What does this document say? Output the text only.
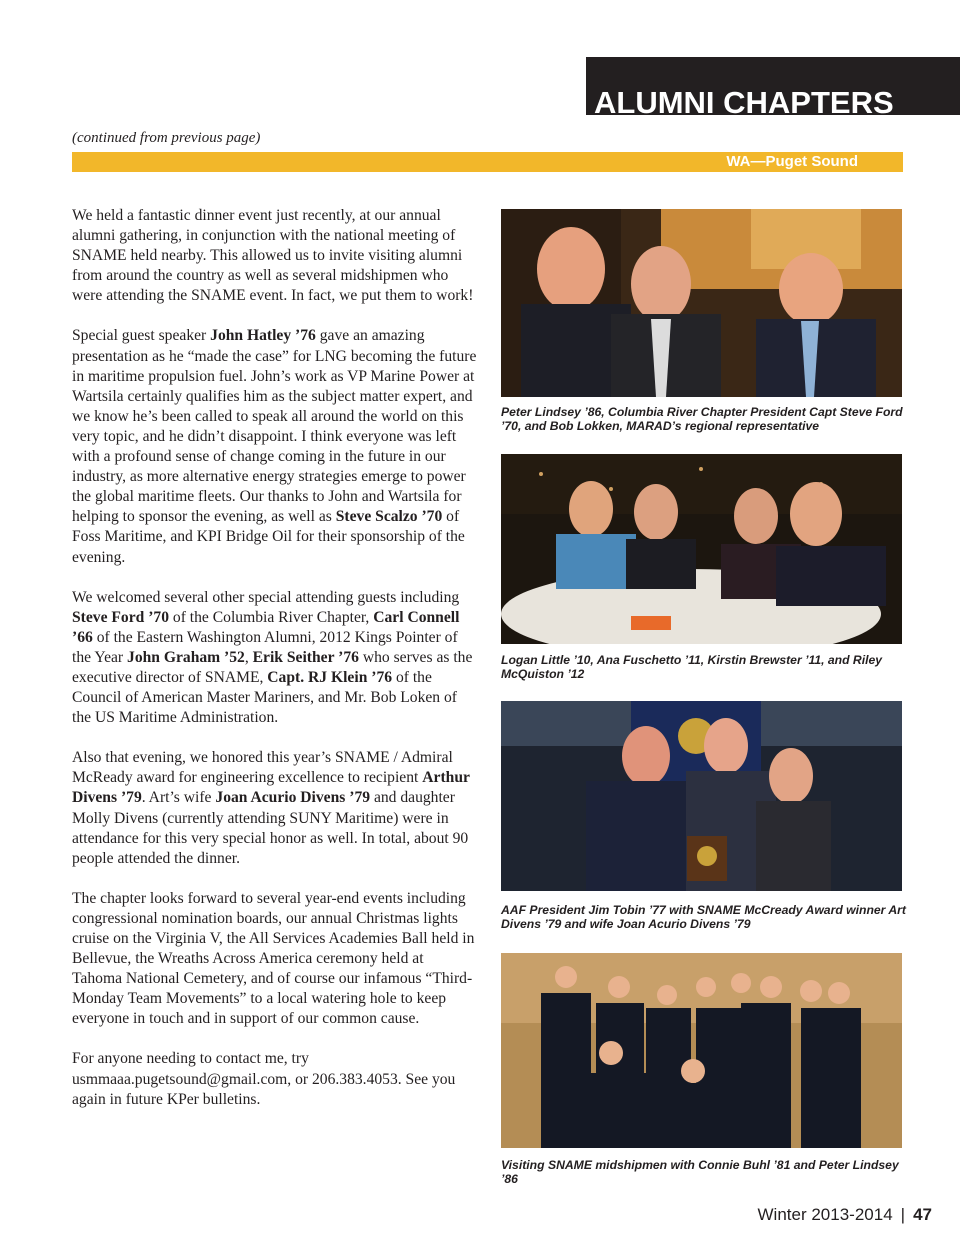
ALUMNI CHAPTERS
(continued from previous page)
WA—Puget Sound

We held a fantastic dinner event just recently, at our annual alumni gathering, in conjunction with the national meeting of SNAME held nearby. This allowed us to invite visiting alumni from around the country as well as several midshipmen who were attending the SNAME event. In fact, we put them to work!

Special guest speaker John Hatley ’76 gave an amazing presentation as he “made the case” for LNG becoming the future in maritime propulsion fuel. John’s work as VP Marine Power at Wartsila certainly qualifies him as the subject matter expert, and we know he’s been called to speak all around the world on this very topic, and he didn’t disappoint. I think everyone was left with a profound sense of change coming in the future in our industry, as more alternative energy strategies emerge to power the global maritime fleets. Our thanks to John and Wartsila for helping to sponsor the evening, as well as Steve Scalzo ’70 of Foss Maritime, and KPI Bridge Oil for their sponsorship of the evening.

We welcomed several other special attending guests including Steve Ford ’70 of the Columbia River Chapter, Carl Connell ’66 of the Eastern Washington Alumni, 2012 Kings Pointer of the Year John Graham ’52, Erik Seither ’76 who serves as the executive director of SNAME, Capt. RJ Klein ’76 of the Council of American Master Mariners, and Mr. Bob Loken of the US Maritime Administration.

Also that evening, we honored this year’s SNAME / Admiral McReady award for engineering excellence to recipient Arthur Divens ’79. Art’s wife Joan Acurio Divens ’79 and daughter Molly Divens (currently attending SUNY Maritime) were in attendance for this very special honor as well. In total, about 90 people attended the dinner.

The chapter looks forward to several year-end events including congressional nomination boards, our annual Christmas lights cruise on the Virginia V, the All Services Academies Ball held in Bellevue, the Wreaths Across America ceremony held at Tahoma National Cemetery, and of course our infamous “Third-Monday Team Movements” to a local watering hole to keep everyone in touch and in support of our common cause.

For anyone needing to contact me, try usmmaaa.pugetsound@gmail.com, or 206.383.4053. See you again in future KPer bulletins.

Peter Lindsey ’86, Columbia River Chapter President Capt Steve Ford ’70, and Bob Lokken, MARAD’s regional representative
Logan Little ’10, Ana Fuschetto ’11, Kirstin Brewster ’11, and Riley McQuiston ’12
AAF President Jim Tobin ’77 with SNAME McCready Award winner Art Divens ’79 and wife Joan Acurio Divens ’79
Visiting SNAME midshipmen with Connie Buhl ’81 and Peter Lindsey ’86
Winter 2013-2014 | 47
